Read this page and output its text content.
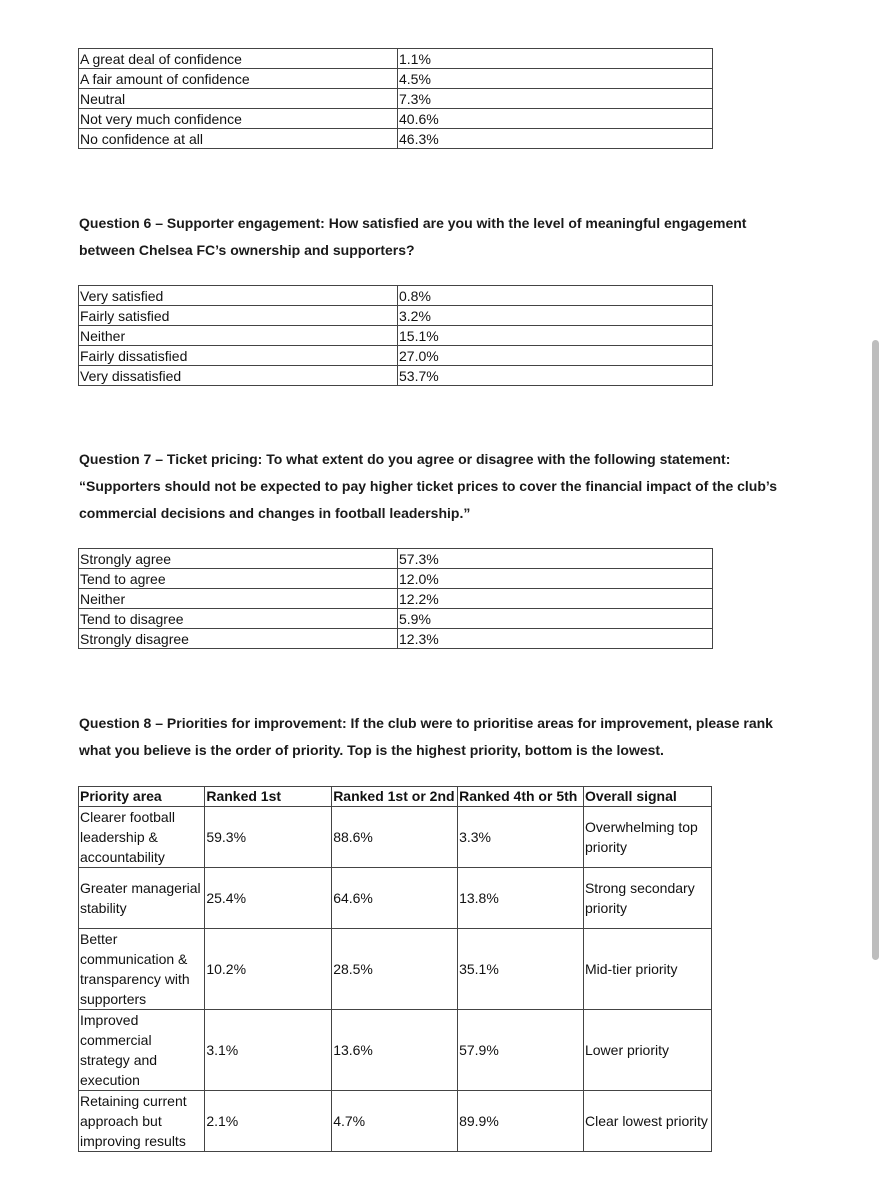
A great deal of confidence	1.1%
A fair amount of confidence	4.5%
Neutral	7.3%
Not very much confidence	40.6%
No confidence at all	46.3%
Question 6 – Supporter engagement: How satisfied are you with the level of meaningful engagement between Chelsea FC’s ownership and supporters?
Very satisfied	0.8%
Fairly satisfied	3.2%
Neither	15.1%
Fairly dissatisfied	27.0%
Very dissatisfied	53.7%
Question 7 – Ticket pricing: To what extent do you agree or disagree with the following statement: “Supporters should not be expected to pay higher ticket prices to cover the financial impact of the club’s commercial decisions and changes in football leadership.”
Strongly agree	57.3%
Tend to agree	12.0%
Neither	12.2%
Tend to disagree	5.9%
Strongly disagree	12.3%
Question 8 – Priorities for improvement: If the club were to prioritise areas for improvement, please rank what you believe is the order of priority. Top is the highest priority, bottom is the lowest.
Priority area	Ranked 1st	Ranked 1st or 2nd	Ranked 4th or 5th	Overall signal
Clearer football leadership & accountability	59.3%	88.6%	3.3%	Overwhelming top priority
Greater managerial stability	25.4%	64.6%	13.8%	Strong secondary priority
Better communication & transparency with supporters	10.2%	28.5%	35.1%	Mid-tier priority
Improved commercial strategy and execution	3.1%	13.6%	57.9%	Lower priority
Retaining current approach but improving results	2.1%	4.7%	89.9%	Clear lowest priority
